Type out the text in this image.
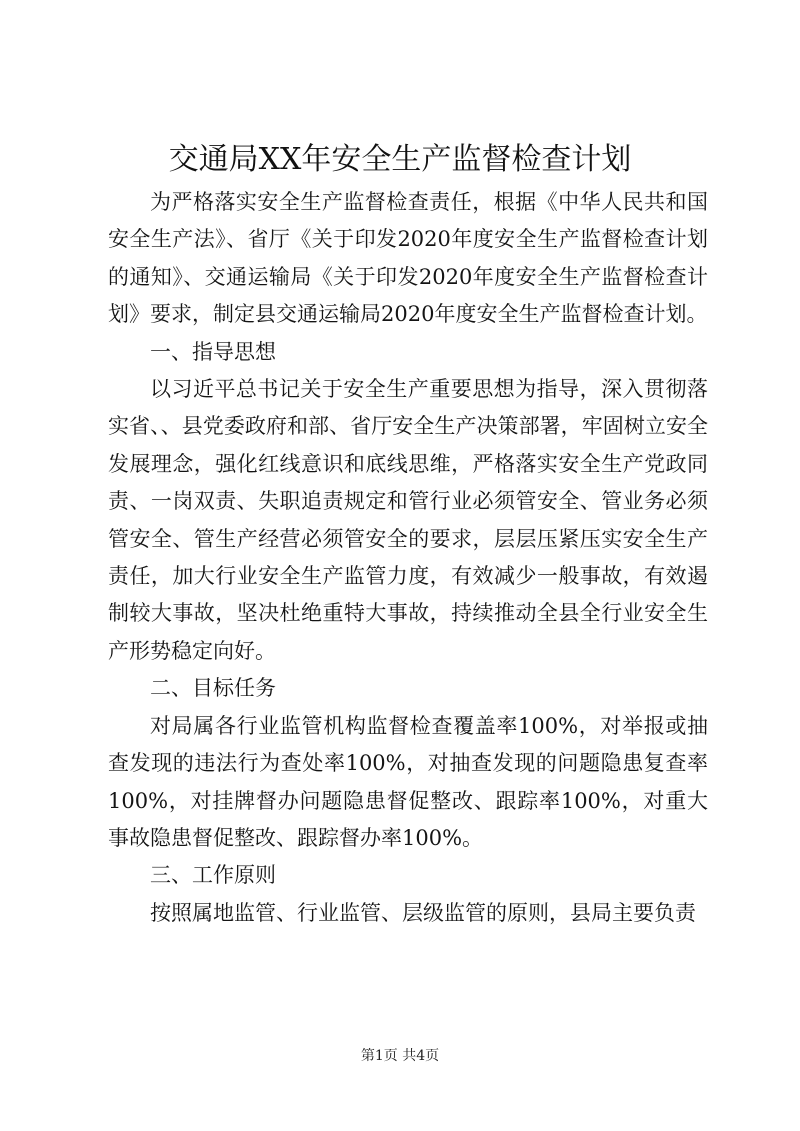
交通局XX年安全生产监督检查计划

为严格落实安全生产监督检查责任，根据《中华人民共和国安全生产法》、省厅《关于印发2020年度安全生产监督检查计划的通知》、交通运输局《关于印发2020年度安全生产监督检查计划》要求，制定县交通运输局2020年度安全生产监督检查计划。

一、指导思想

以习近平总书记关于安全生产重要思想为指导，深入贯彻落实省、、县党委政府和部、省厅安全生产决策部署，牢固树立安全发展理念，强化红线意识和底线思维，严格落实安全生产党政同责、一岗双责、失职追责规定和管行业必须管安全、管业务必须管安全、管生产经营必须管安全的要求，层层压紧压实安全生产责任，加大行业安全生产监管力度，有效减少一般事故，有效遏制较大事故，坚决杜绝重特大事故，持续推动全县全行业安全生产形势稳定向好。

二、目标任务

对局属各行业监管机构监督检查覆盖率100%，对举报或抽查发现的违法行为查处率100%，对抽查发现的问题隐患复查率100%，对挂牌督办问题隐患督促整改、跟踪率100%，对重大事故隐患督促整改、跟踪督办率100%。

三、工作原则

按照属地监管、行业监管、层级监管的原则，县局主要负责

第1页 共4页
